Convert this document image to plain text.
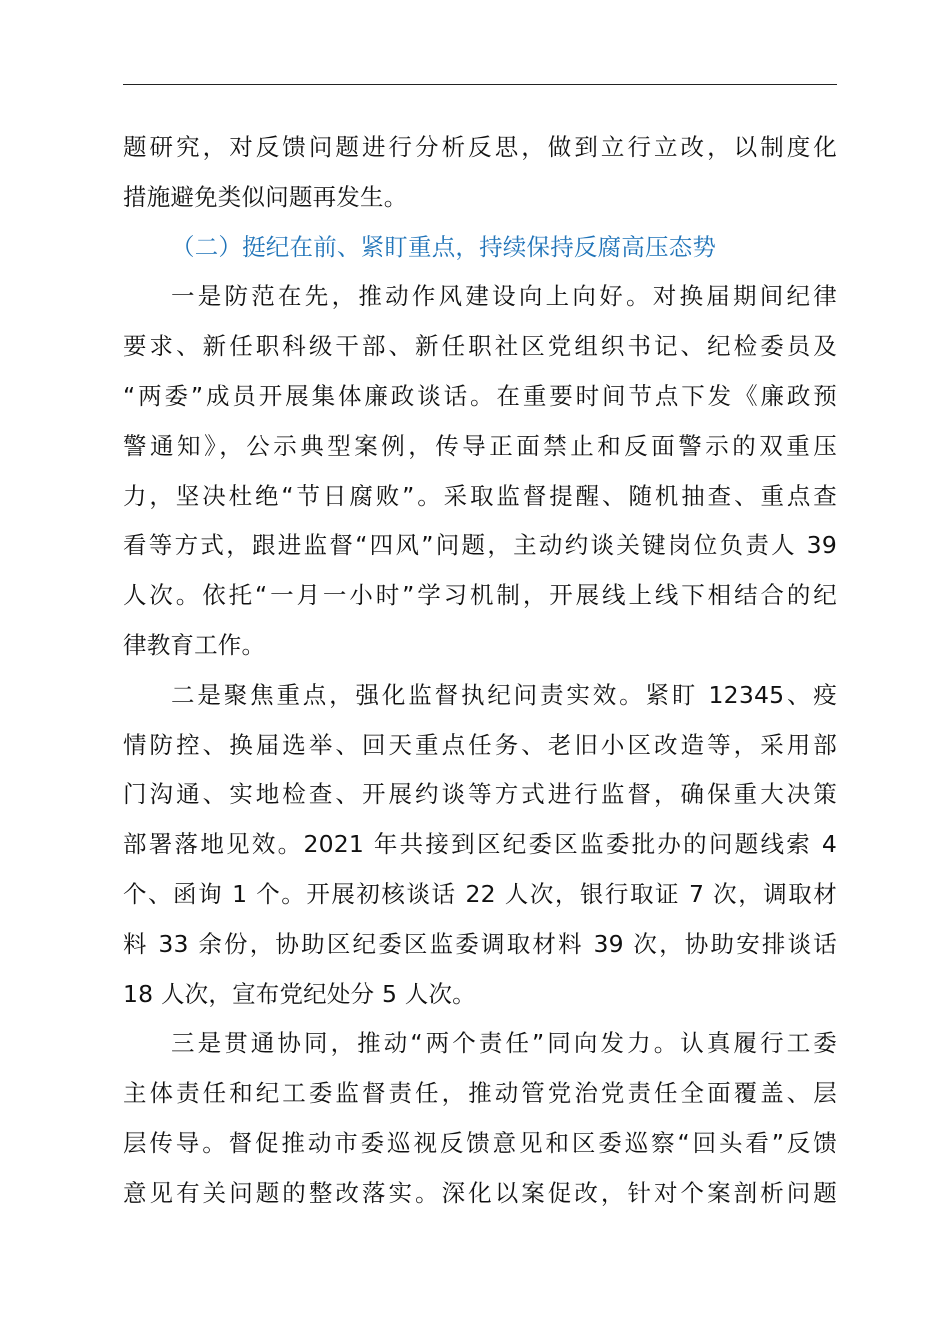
题研究，对反馈问题进行分析反思，做到立行立改，以制度化
措施避免类似问题再发生。
（二）挺纪在前、紧盯重点，持续保持反腐高压态势
一是防范在先，推动作风建设向上向好。对换届期间纪律
要求、新任职科级干部、新任职社区党组织书记、纪检委员及
“两委”成员开展集体廉政谈话。在重要时间节点下发《廉政预
警通知》，公示典型案例，传导正面禁止和反面警示的双重压
力，坚决杜绝“节日腐败”。采取监督提醒、随机抽查、重点查
看等方式，跟进监督“四风”问题，主动约谈关键岗位负责人 39
人次。依托“一月一小时”学习机制，开展线上线下相结合的纪
律教育工作。
二是聚焦重点，强化监督执纪问责实效。紧盯 12345、疫
情防控、换届选举、回天重点任务、老旧小区改造等，采用部
门沟通、实地检查、开展约谈等方式进行监督，确保重大决策
部署落地见效。2021 年共接到区纪委区监委批办的问题线索 4
个、函询 1 个。开展初核谈话 22 人次，银行取证 7 次，调取材
料 33 余份，协助区纪委区监委调取材料 39 次，协助安排谈话
18 人次，宣布党纪处分 5 人次。
三是贯通协同，推动“两个责任”同向发力。认真履行工委
主体责任和纪工委监督责任，推动管党治党责任全面覆盖、层
层传导。督促推动市委巡视反馈意见和区委巡察“回头看”反馈
意见有关问题的整改落实。深化以案促改，针对个案剖析问题
